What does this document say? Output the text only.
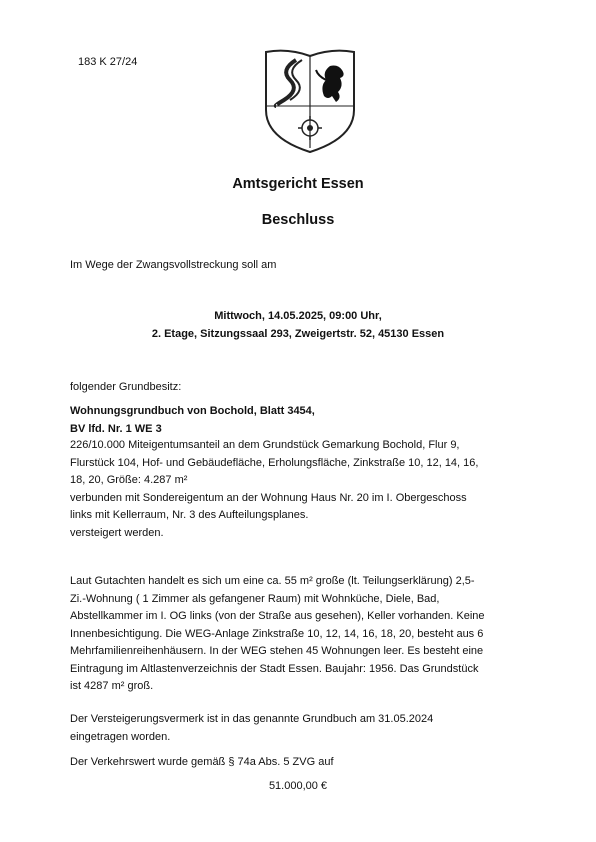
183 K 27/24
Amtsgericht Essen
Beschluss
Im Wege der Zwangsvollstreckung soll am
Mittwoch, 14.05.2025, 09:00 Uhr,
2. Etage, Sitzungssaal 293, Zweigertstr. 52, 45130 Essen
folgender Grundbesitz:
Wohnungsgrundbuch von Bochold, Blatt 3454,
BV lfd. Nr. 1 WE 3
226/10.000 Miteigentumsanteil an dem Grundstück Gemarkung Bochold, Flur 9,
Flurstück 104, Hof- und Gebäudefläche, Erholungsfläche, Zinkstraße 10, 12, 14, 16,
18, 20, Größe: 4.287 m²
verbunden mit Sondereigentum an der Wohnung Haus Nr. 20 im I. Obergeschoss
links mit Kellerraum, Nr. 3 des Aufteilungsplanes.
versteigert werden.
Laut Gutachten handelt es sich um eine ca. 55 m² große (lt. Teilungserklärung) 2,5-
Zi.-Wohnung ( 1 Zimmer als gefangener Raum) mit Wohnküche, Diele, Bad,
Abstellkammer im I. OG links (von der Straße aus gesehen), Keller vorhanden. Keine
Innenbesichtigung. Die WEG-Anlage Zinkstraße 10, 12, 14, 16, 18, 20, besteht aus 6
Mehrfamilienreihenhäusern. In der WEG stehen 45 Wohnungen leer. Es besteht eine
Eintragung im Altlastenverzeichnis der Stadt Essen. Baujahr: 1956. Das Grundstück
ist 4287 m² groß.
Der Versteigerungsvermerk ist in das genannte Grundbuch am 31.05.2024
eingetragen worden.
Der Verkehrswert wurde gemäß § 74a Abs. 5 ZVG auf
51.000,00 €
